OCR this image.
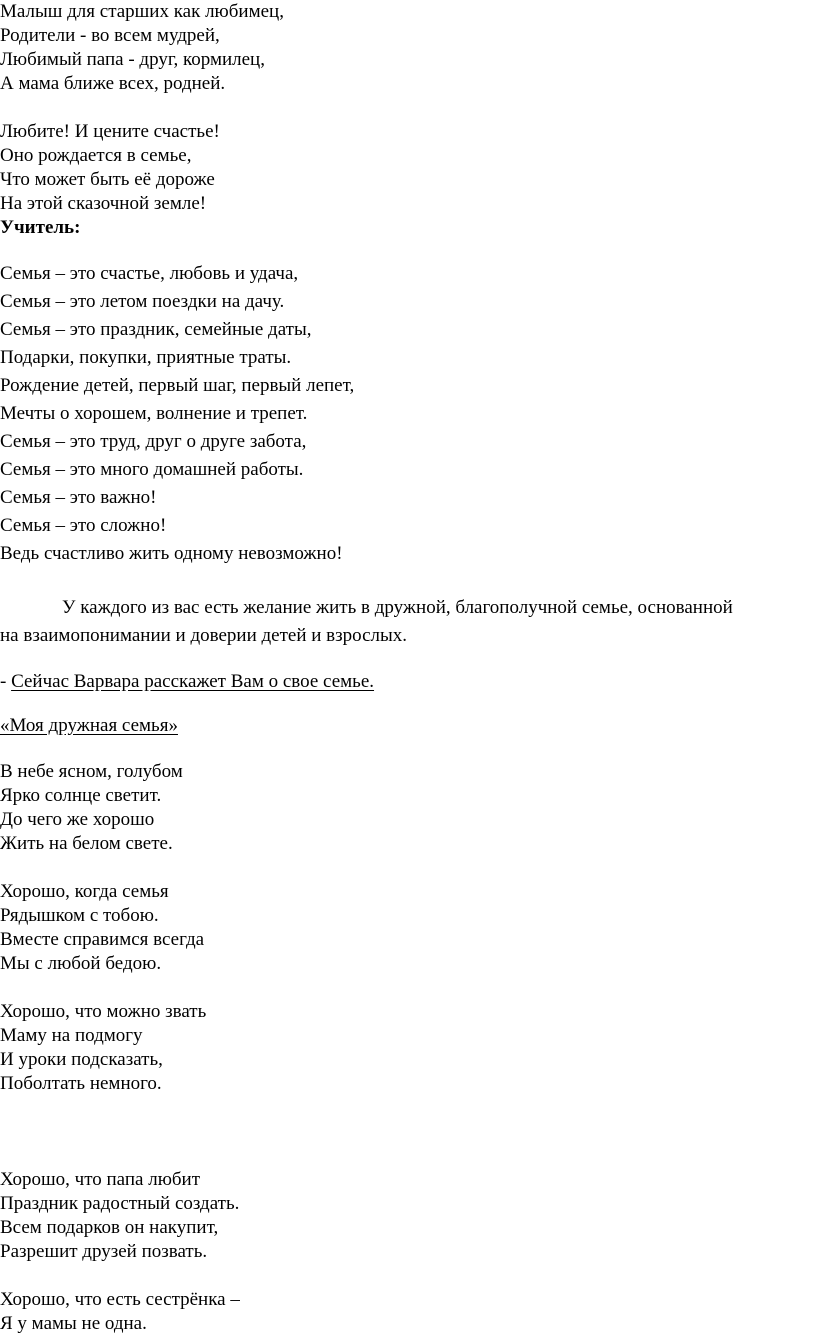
Малыш для старших как любимец,
Родители - во всем мудрей,
Любимый папа - друг, кормилец,
А мама ближе всех, родней.
Любите! И цените счастье!
Оно рождается в семье,
Что может быть её дороже
На этой сказочной земле!
Учитель:
Семья – это счастье, любовь и удача,
Семья – это летом поездки на дачу.
Семья – это праздник, семейные даты,
Подарки, покупки, приятные траты.
Рождение детей, первый шаг, первый лепет,
Мечты о хорошем, волнение и трепет.
Семья – это труд, друг о друге забота,
Семья – это много домашней работы.
Семья – это важно!
Семья – это сложно!
Ведь счастливо жить одному невозможно!
У каждого из вас есть желание жить в дружной, благополучной семье, основанной
на взаимопонимании и доверии детей и взрослых.
- Сейчас Варвара расскажет Вам о свое семье.
«Моя дружная семья»
В небе ясном, голубом
Ярко солнце светит.
До чего же хорошо
Жить на белом свете.
Хорошо, когда семья
Рядышком с тобою.
Вместе справимся всегда
Мы с любой бедою.
Хорошо, что можно звать
Маму на подмогу
И уроки подсказать,
Поболтать немного.
Хорошо, что папа любит
Праздник радостный создать.
Всем подарков он накупит,
Разрешит друзей позвать.
Хорошо, что есть сестрёнка –
Я у мамы не одна.
